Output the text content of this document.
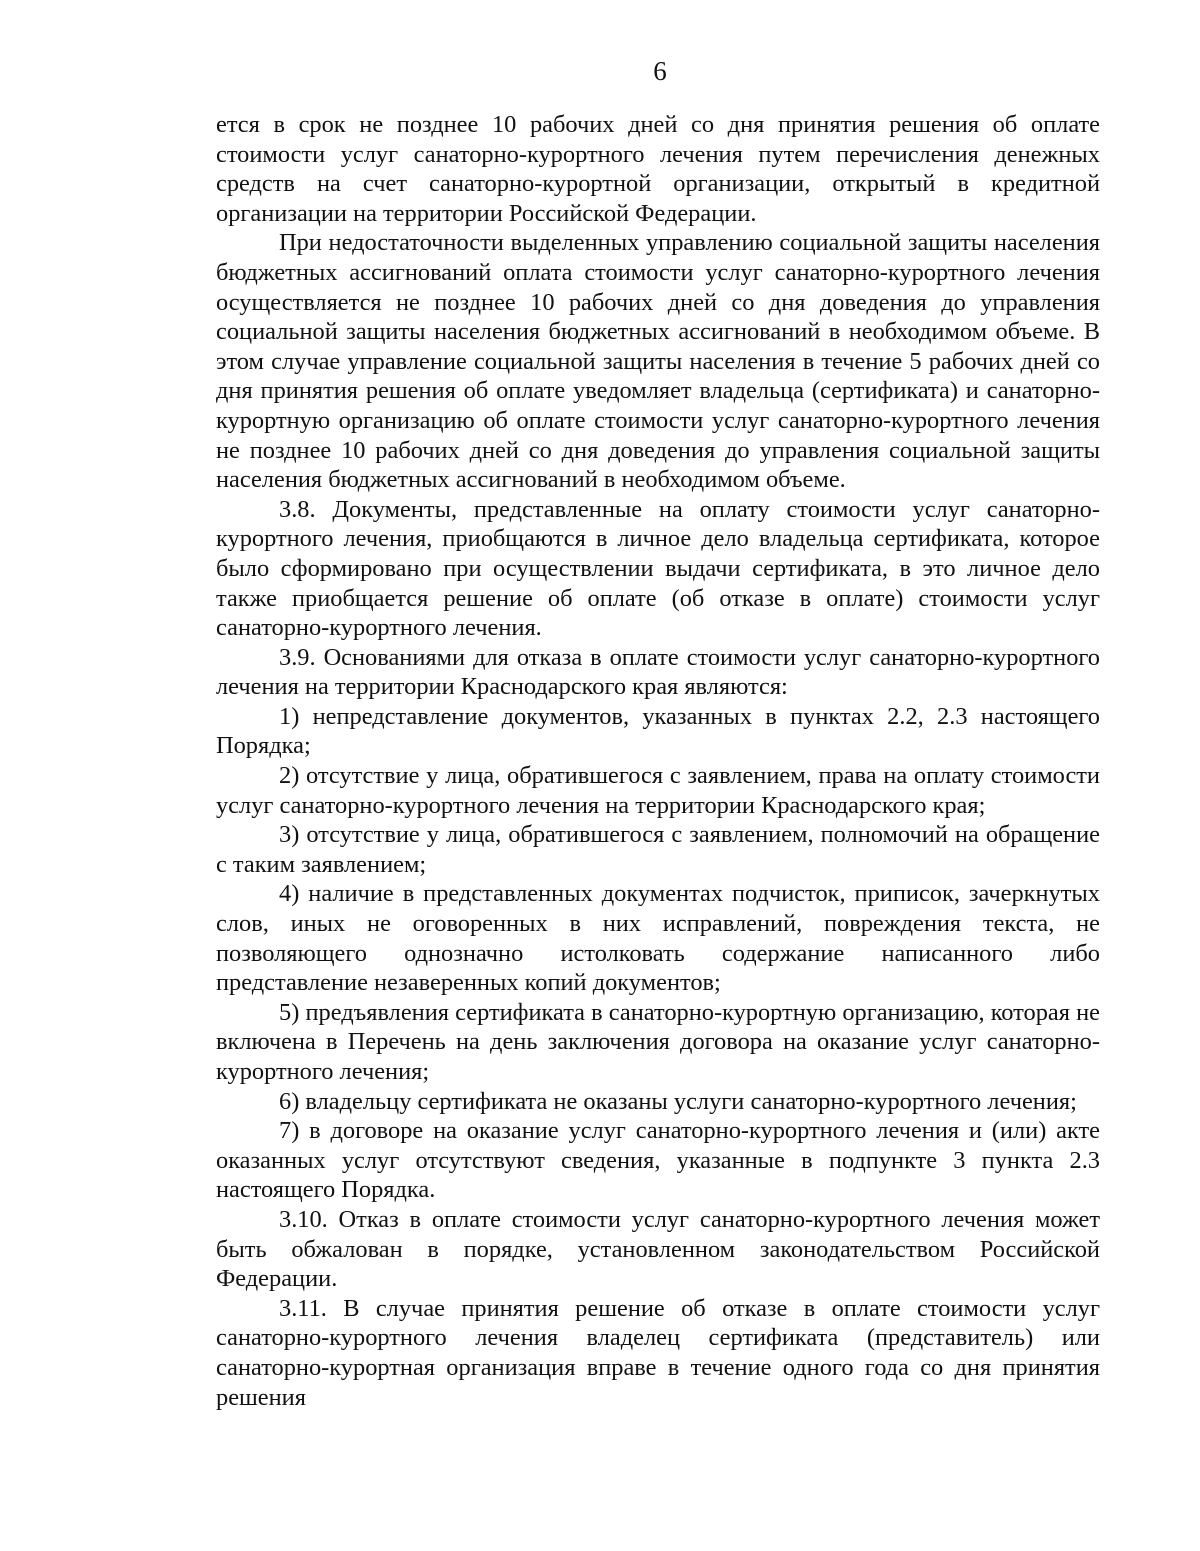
6

ется в срок не позднее 10 рабочих дней со дня принятия решения об оплате стоимости услуг санаторно-курортного лечения путем перечисления денежных средств на счет санаторно-курортной организации, открытый в кредитной организации на территории Российской Федерации.

При недостаточности выделенных управлению социальной защиты населения бюджетных ассигнований оплата стоимости услуг санаторно-курортного лечения осуществляется не позднее 10 рабочих дней со дня доведения до управления социальной защиты населения бюджетных ассигнований в необходимом объеме. В этом случае управление социальной защиты населения в течение 5 рабочих дней со дня принятия решения об оплате уведомляет владельца (сертификата) и санаторно-курортную организацию об оплате стоимости услуг санаторно-курортного лечения не позднее 10 рабочих дней со дня доведения до управления социальной защиты населения бюджетных ассигнований в необходимом объеме.

3.8. Документы, представленные на оплату стоимости услуг санаторно-курортного лечения, приобщаются в личное дело владельца сертификата, которое было сформировано при осуществлении выдачи сертификата, в это личное дело также приобщается решение об оплате (об отказе в оплате) стоимости услуг санаторно-курортного лечения.

3.9. Основаниями для отказа в оплате стоимости услуг санаторно-курортного лечения на территории Краснодарского края являются:

1) непредставление документов, указанных в пунктах 2.2, 2.3 настоящего Порядка;

2) отсутствие у лица, обратившегося с заявлением, права на оплату стоимости услуг санаторно-курортного лечения на территории Краснодарского края;

3) отсутствие у лица, обратившегося с заявлением, полномочий на обращение с таким заявлением;

4) наличие в представленных документах подчисток, приписок, зачеркнутых слов, иных не оговоренных в них исправлений, повреждения текста, не позволяющего однозначно истолковать содержание написанного либо представление незаверенных копий документов;

5) предъявления сертификата в санаторно-курортную организацию, которая не включена в Перечень на день заключения договора на оказание услуг санаторно-курортного лечения;

6) владельцу сертификата не оказаны услуги санаторно-курортного лечения;

7) в договоре на оказание услуг санаторно-курортного лечения и (или) акте оказанных услуг отсутствуют сведения, указанные в подпункте 3 пункта 2.3 настоящего Порядка.

3.10. Отказ в оплате стоимости услуг санаторно-курортного лечения может быть обжалован в порядке, установленном законодательством Российской Федерации.

3.11. В случае принятия решение об отказе в оплате стоимости услуг санаторно-курортного лечения владелец сертификата (представитель) или санаторно-курортная организация вправе в течение одного года со дня принятия решения
